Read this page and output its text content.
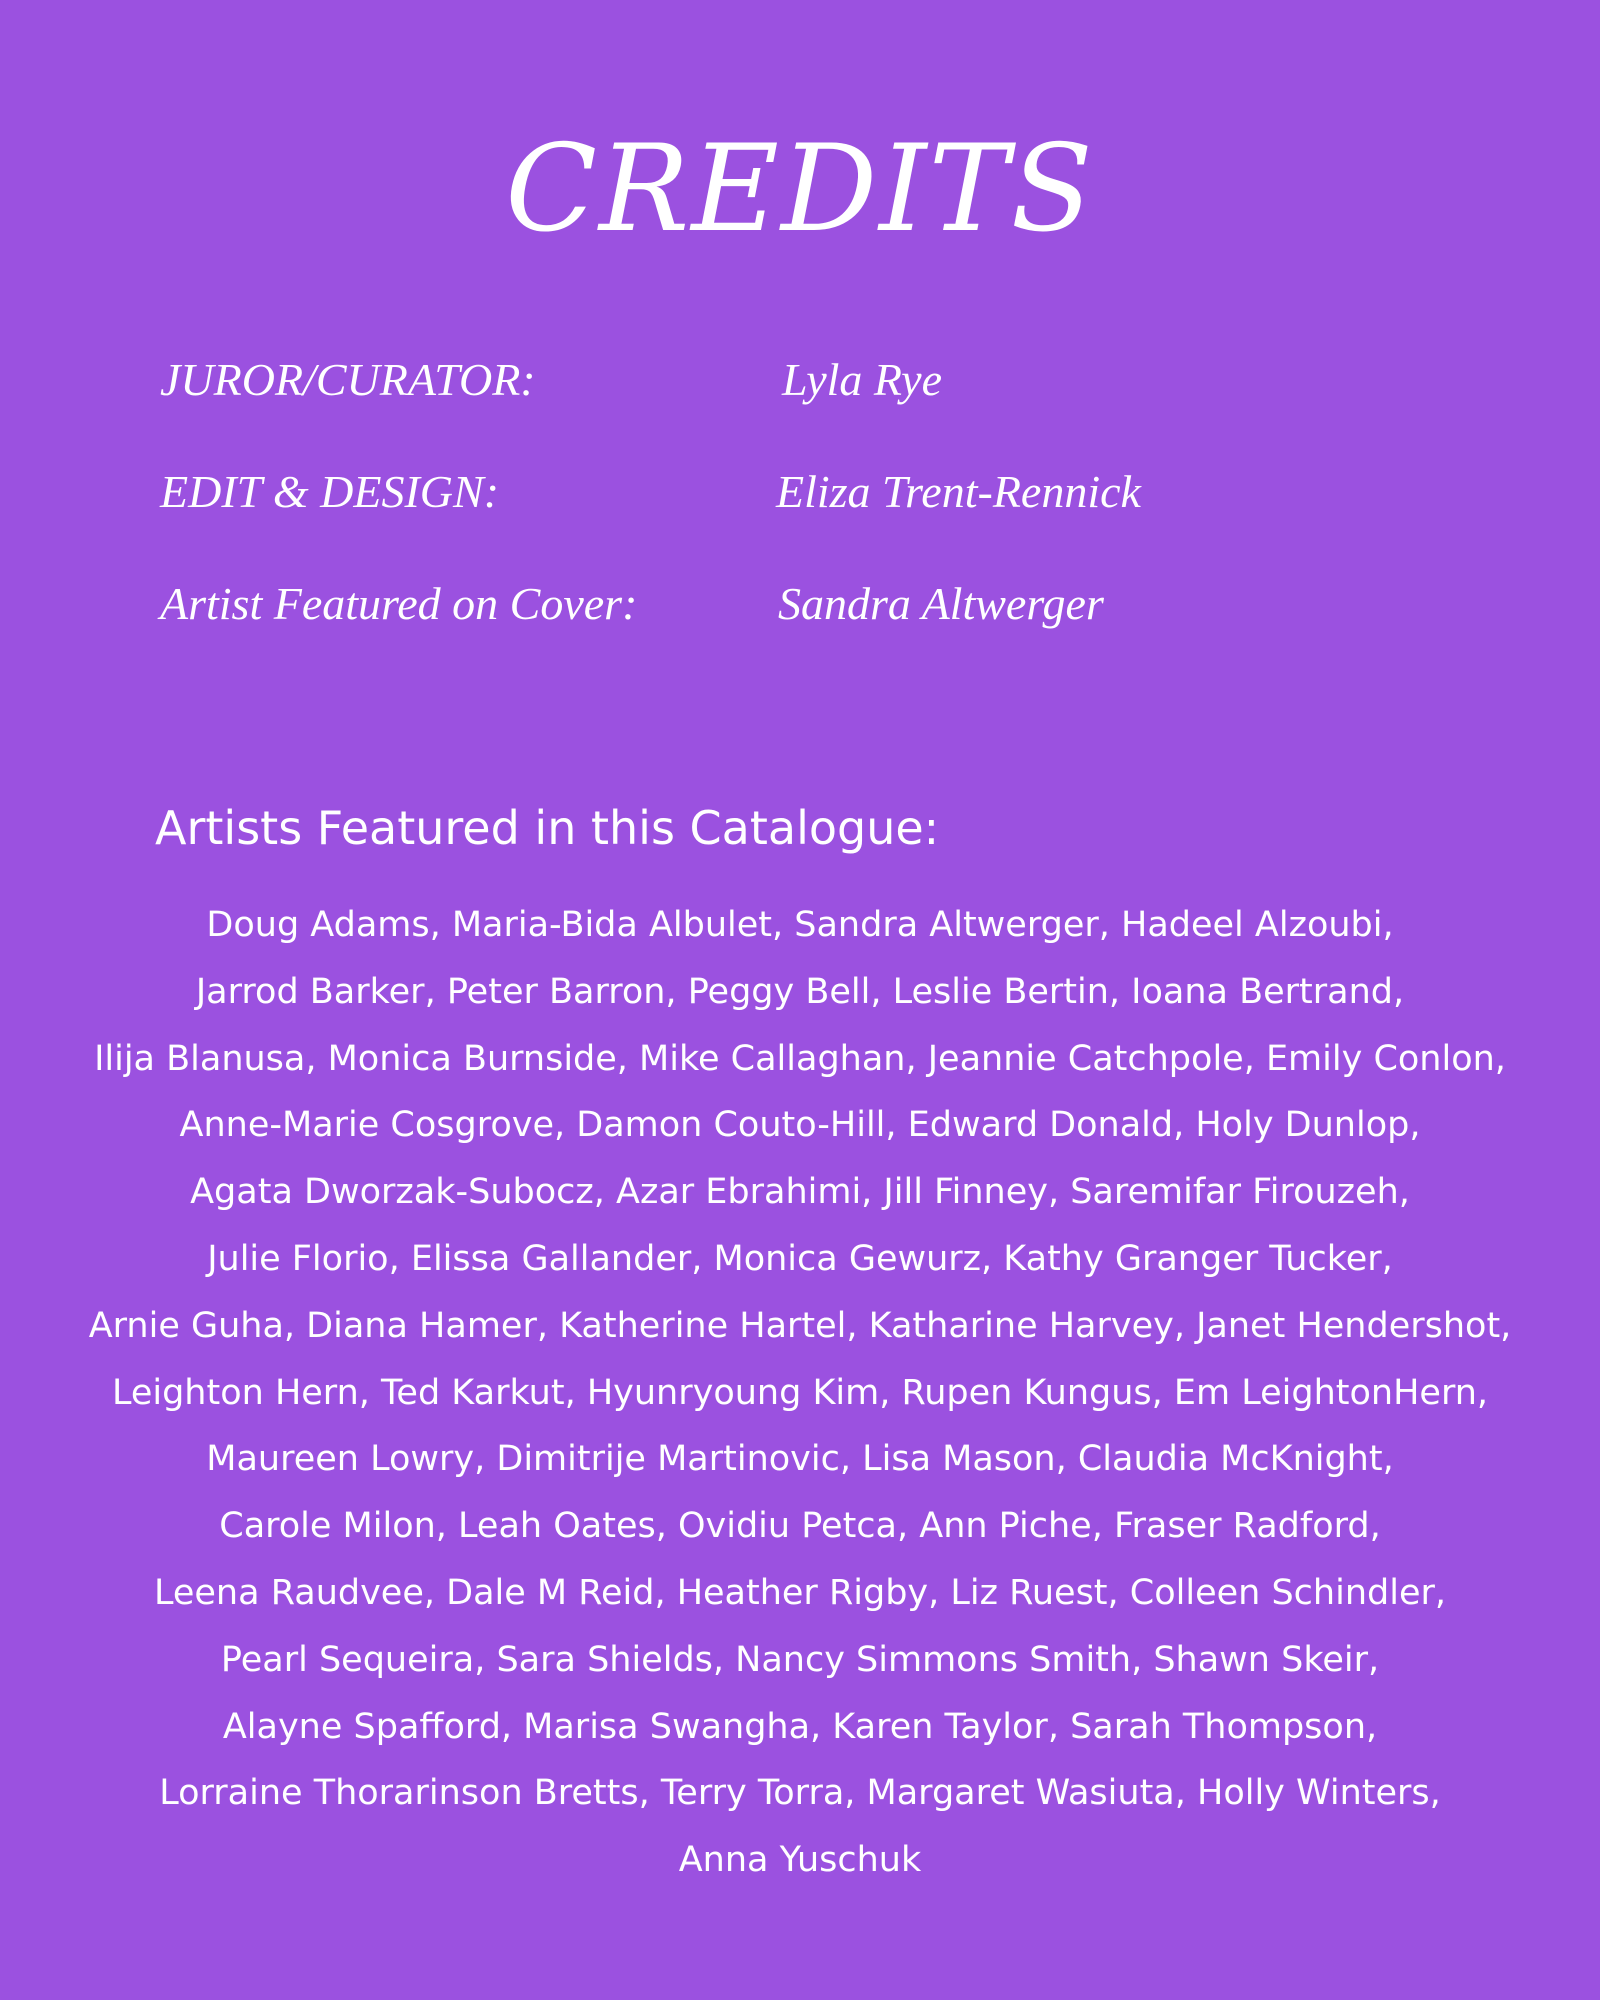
CREDITS
JUROR/CURATOR:	Lyla Rye
EDIT & DESIGN:	Eliza Trent-Rennick
Artist Featured on Cover:	Sandra Altwerger
Artists Featured in this Catalogue:
Doug Adams, Maria-Bida Albulet, Sandra Altwerger, Hadeel Alzoubi,
Jarrod Barker, Peter Barron, Peggy Bell, Leslie Bertin, Ioana Bertrand,
Ilija Blanusa, Monica Burnside, Mike Callaghan, Jeannie Catchpole, Emily Conlon,
Anne-Marie Cosgrove, Damon Couto-Hill, Edward Donald, Holy Dunlop,
Agata Dworzak-Subocz, Azar Ebrahimi, Jill Finney, Saremifar Firouzeh,
Julie Florio, Elissa Gallander, Monica Gewurz, Kathy Granger Tucker,
Arnie Guha, Diana Hamer, Katherine Hartel, Katharine Harvey, Janet Hendershot,
Leighton Hern, Ted Karkut, Hyunryoung Kim, Rupen Kungus, Em LeightonHern,
Maureen Lowry, Dimitrije Martinovic, Lisa Mason, Claudia McKnight,
Carole Milon, Leah Oates, Ovidiu Petca, Ann Piche, Fraser Radford,
Leena Raudvee, Dale M Reid, Heather Rigby, Liz Ruest, Colleen Schindler,
Pearl Sequeira, Sara Shields, Nancy Simmons Smith, Shawn Skeir,
Alayne Spafford, Marisa Swangha, Karen Taylor, Sarah Thompson,
Lorraine Thorarinson Bretts, Terry Torra, Margaret Wasiuta, Holly Winters,
Anna Yuschuk
